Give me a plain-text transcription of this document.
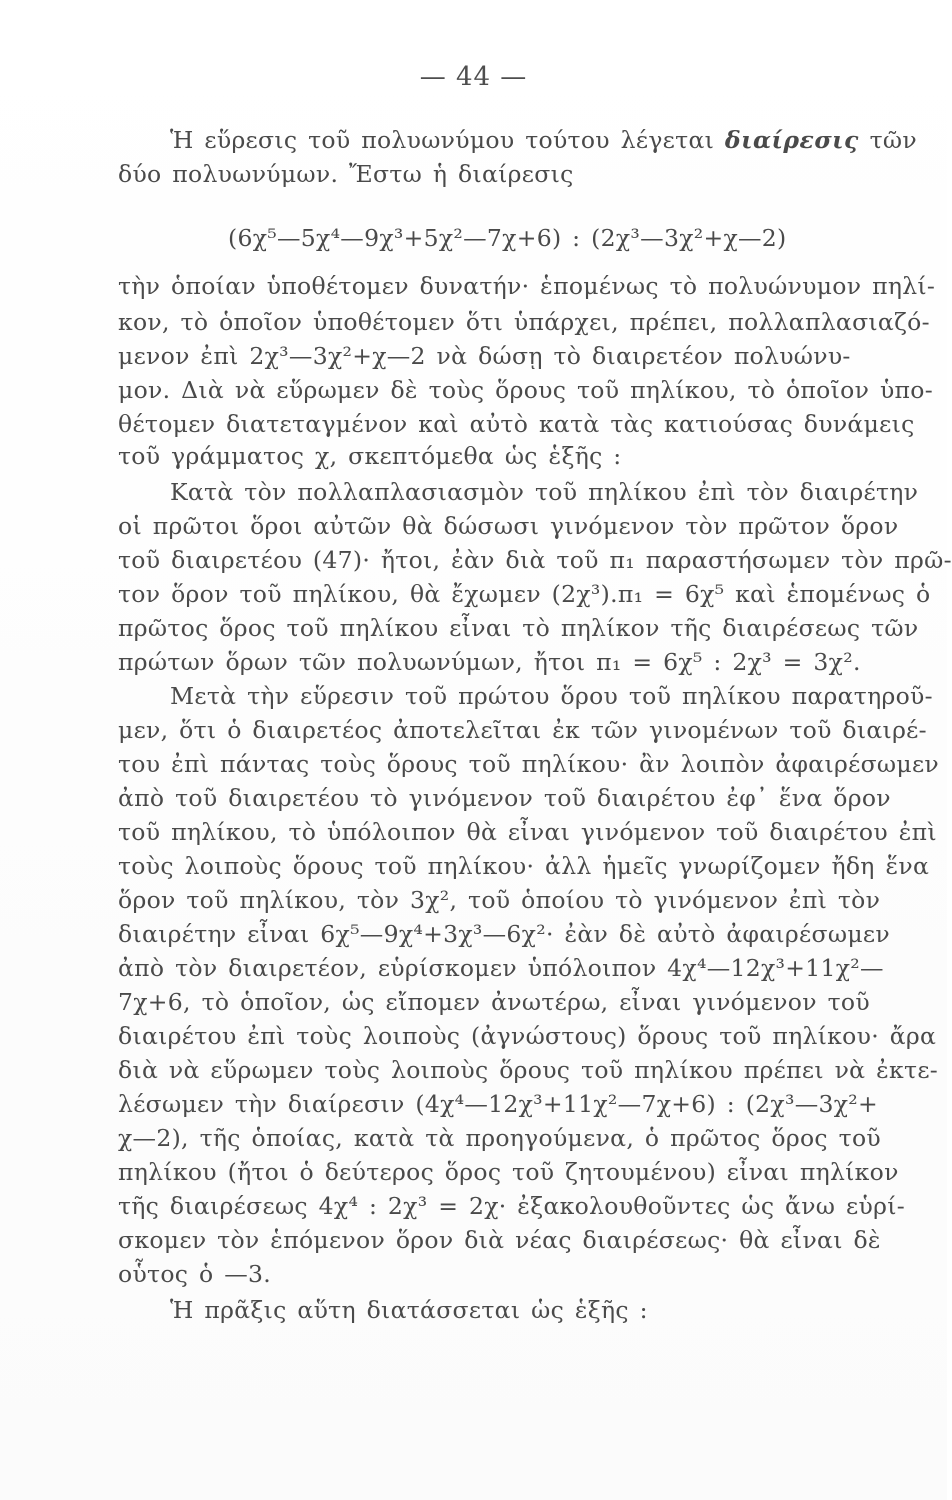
— 44 —
Ἡ εὕρεσις τοῦ πολυωνύμου τούτου λέγεται διαίρεσις τῶν
δύο πολυωνύμων. Ἔστω ἡ διαίρεσις
(6χ⁵—5χ⁴—9χ³+5χ²—7χ+6) : (2χ³—3χ²+χ—2)
τὴν ὁποίαν ὑποθέτομεν δυνατήν· ἑπομένως τὸ πολυώνυμον πηλί-
κον, τὸ ὁποῖον ὑποθέτομεν ὅτι ὑπάρχει, πρέπει, πολλαπλασιαζό-
μενον ἐπὶ 2χ³—3χ²+χ—2 νὰ δώσῃ τὸ διαιρετέον πολυώνυ-
μον. Διὰ νὰ εὕρωμεν δὲ τοὺς ὅρους τοῦ πηλίκου, τὸ ὁποῖον ὑπο-
θέτομεν διατεταγμένον καὶ αὐτὸ κατὰ τὰς κατιούσας δυνάμεις
τοῦ γράμματος χ, σκεπτόμεθα ὡς ἑξῆς :
Κατὰ τὸν πολλαπλασιασμὸν τοῦ πηλίκου ἐπὶ τὸν διαιρέτην
οἱ πρῶτοι ὅροι αὐτῶν θὰ δώσωσι γινόμενον τὸν πρῶτον ὅρον
τοῦ διαιρετέου (47)· ἤτοι, ἐὰν διὰ τοῦ π₁ παραστήσωμεν τὸν πρῶ-
τον ὅρον τοῦ πηλίκου, θὰ ἔχωμεν (2χ³).π₁ = 6χ⁵ καὶ ἑπομένως ὁ
πρῶτος ὅρος τοῦ πηλίκου εἶναι τὸ πηλίκον τῆς διαιρέσεως τῶν
πρώτων ὅρων τῶν πολυωνύμων, ἤτοι π₁ = 6χ⁵ : 2χ³ = 3χ².
Μετὰ τὴν εὕρεσιν τοῦ πρώτου ὅρου τοῦ πηλίκου παρατηροῦ-
μεν, ὅτι ὁ διαιρετέος ἀποτελεῖται ἐκ τῶν γινομένων τοῦ διαιρέ-
του ἐπὶ πάντας τοὺς ὅρους τοῦ πηλίκου· ἂν λοιπὸν ἀφαιρέσωμεν
ἀπὸ τοῦ διαιρετέου τὸ γινόμενον τοῦ διαιρέτου ἐφ᾽ ἕνα ὅρον
τοῦ πηλίκου, τὸ ὑπόλοιπον θὰ εἶναι γινόμενον τοῦ διαιρέτου ἐπὶ
τοὺς λοιποὺς ὅρους τοῦ πηλίκου· ἀλλ ἡμεῖς γνωρίζομεν ἤδη ἕνα
ὅρον τοῦ πηλίκου, τὸν 3χ², τοῦ ὁποίου τὸ γινόμενον ἐπὶ τὸν
διαιρέτην εἶναι 6χ⁵—9χ⁴+3χ³—6χ²· ἐὰν δὲ αὐτὸ ἀφαιρέσωμεν
ἀπὸ τὸν διαιρετέον, εὑρίσκομεν ὑπόλοιπον 4χ⁴—12χ³+11χ²—
7χ+6, τὸ ὁποῖον, ὡς εἴπομεν ἀνωτέρω, εἶναι γινόμενον τοῦ
διαιρέτου ἐπὶ τοὺς λοιποὺς (ἀγνώστους) ὅρους τοῦ πηλίκου· ἄρα
διὰ νὰ εὕρωμεν τοὺς λοιποὺς ὅρους τοῦ πηλίκου πρέπει νὰ ἐκτε-
λέσωμεν τὴν διαίρεσιν (4χ⁴—12χ³+11χ²—7χ+6) : (2χ³—3χ²+
χ—2), τῆς ὁποίας, κατὰ τὰ προηγούμενα, ὁ πρῶτος ὅρος τοῦ
πηλίκου (ἤτοι ὁ δεύτερος ὅρος τοῦ ζητουμένου) εἶναι πηλίκον
τῆς διαιρέσεως 4χ⁴ : 2χ³ = 2χ· ἐξακολουθοῦντες ὡς ἄνω εὑρί-
σκομεν τὸν ἑπόμενον ὅρον διὰ νέας διαιρέσεως· θὰ εἶναι δὲ
οὗτος ὁ —3.
Ἡ πρᾶξις αὕτη διατάσσεται ὡς ἑξῆς :
